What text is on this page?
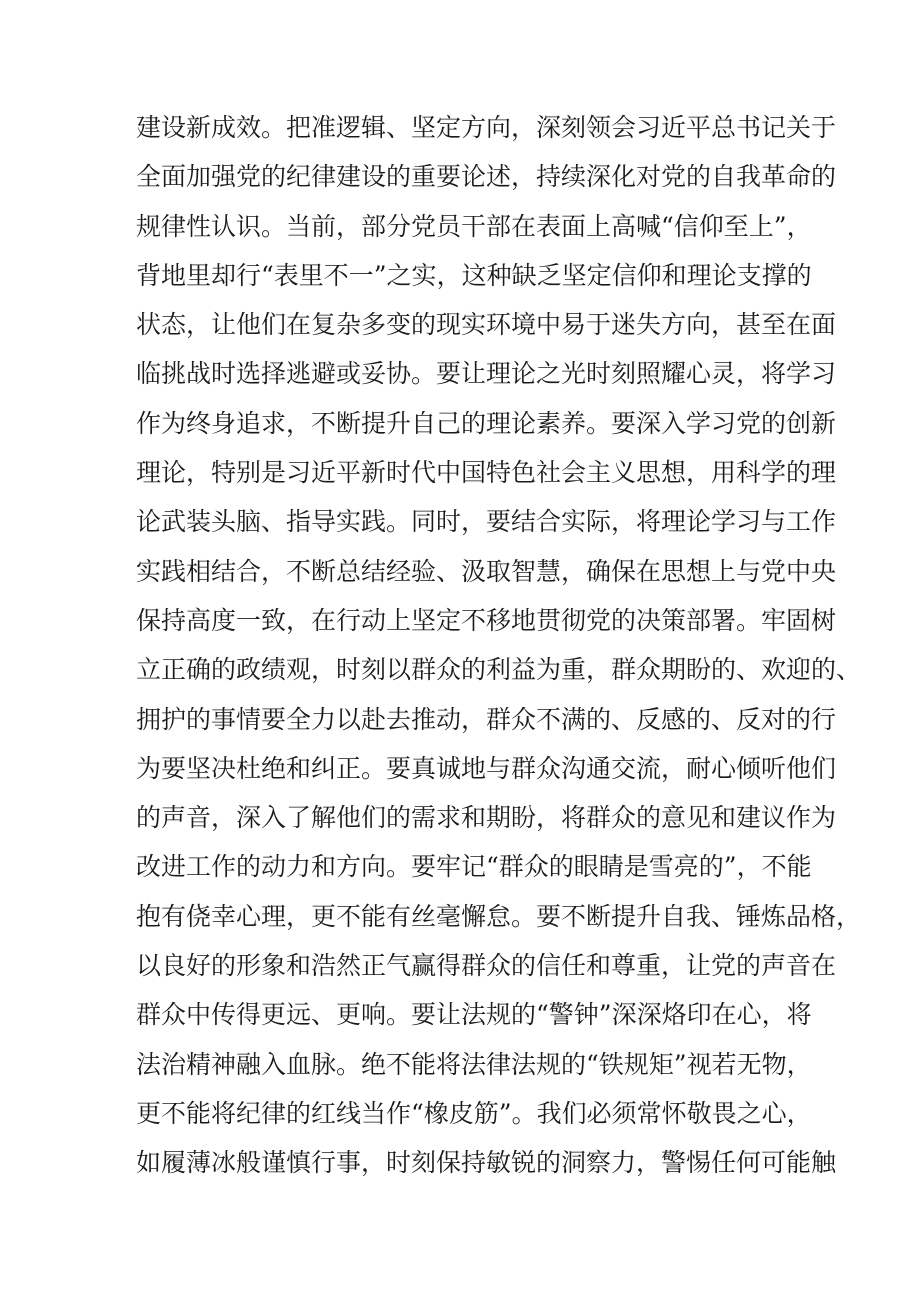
建设新成效。把准逻辑、坚定方向，深刻领会习近平总书记关于
全面加强党的纪律建设的重要论述，持续深化对党的自我革命的
规律性认识。当前，部分党员干部在表面上高喊“信仰至上”，
背地里却行“表里不一”之实，这种缺乏坚定信仰和理论支撑的
状态，让他们在复杂多变的现实环境中易于迷失方向，甚至在面
临挑战时选择逃避或妥协。要让理论之光时刻照耀心灵，将学习
作为终身追求，不断提升自己的理论素养。要深入学习党的创新
理论，特别是习近平新时代中国特色社会主义思想，用科学的理
论武装头脑、指导实践。同时，要结合实际，将理论学习与工作
实践相结合，不断总结经验、汲取智慧，确保在思想上与党中央
保持高度一致，在行动上坚定不移地贯彻党的决策部署。牢固树
立正确的政绩观，时刻以群众的利益为重，群众期盼的、欢迎的、
拥护的事情要全力以赴去推动，群众不满的、反感的、反对的行
为要坚决杜绝和纠正。要真诚地与群众沟通交流，耐心倾听他们
的声音，深入了解他们的需求和期盼，将群众的意见和建议作为
改进工作的动力和方向。要牢记“群众的眼睛是雪亮的”，不能
抱有侥幸心理，更不能有丝毫懈怠。要不断提升自我、锤炼品格，
以良好的形象和浩然正气赢得群众的信任和尊重，让党的声音在
群众中传得更远、更响。要让法规的“警钟”深深烙印在心，将
法治精神融入血脉。绝不能将法律法规的“铁规矩”视若无物，
更不能将纪律的红线当作“橡皮筋”。我们必须常怀敬畏之心，
如履薄冰般谨慎行事，时刻保持敏锐的洞察力，警惕任何可能触
